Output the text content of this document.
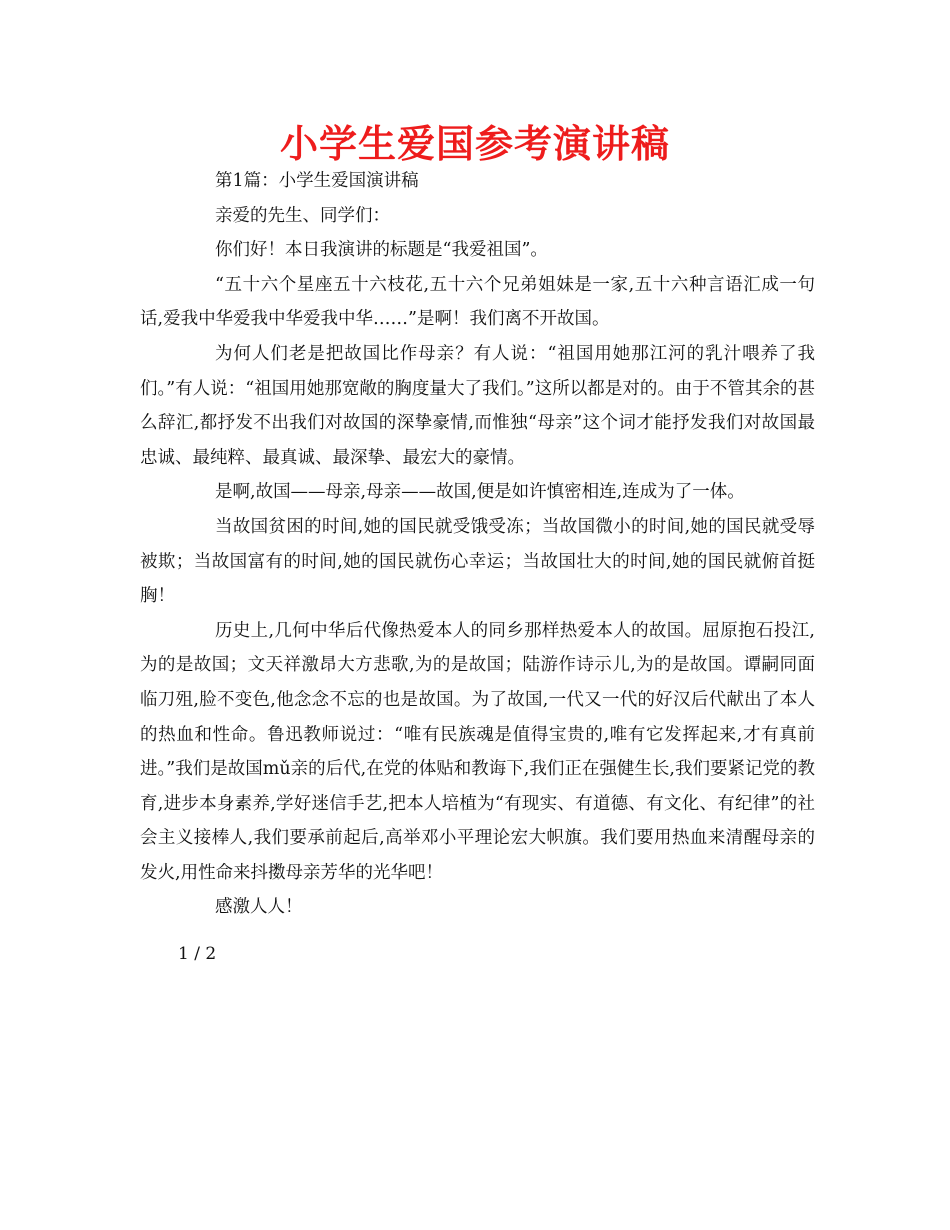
小学生爱国参考演讲稿

第1篇：小学生爱国演讲稿

亲爱的先生、同学们：

你们好！本日我演讲的标题是“我爱祖国”。

“五十六个星座五十六枝花,五十六个兄弟姐妹是一家,五十六种言语汇成一句话,爱我中华爱我中华爱我中华……”是啊！我们离不开故国。

为何人们老是把故国比作母亲？有人说：“祖国用她那江河的乳汁喂养了我们。”有人说：“祖国用她那宽敞的胸度量大了我们。”这所以都是对的。由于不管其余的甚么辞汇,都抒发不出我们对故国的深挚豪情,而惟独“母亲”这个词才能抒发我们对故国最忠诚、最纯粹、最真诚、最深挚、最宏大的豪情。

是啊,故国——母亲,母亲——故国,便是如许慎密相连,连成为了一体。

当故国贫困的时间,她的国民就受饿受冻；当故国微小的时间,她的国民就受辱被欺；当故国富有的时间,她的国民就伤心幸运；当故国壮大的时间,她的国民就俯首挺胸！

历史上,几何中华后代像热爱本人的同乡那样热爱本人的故国。屈原抱石投江,为的是故国；文天祥激昂大方悲歌,为的是故国；陆游作诗示儿,为的是故国。谭嗣同面临刀殂,脸不变色,他念念不忘的也是故国。为了故国,一代又一代的好汉后代献出了本人的热血和性命。鲁迅教师说过：“唯有民族魂是值得宝贵的,唯有它发挥起来,才有真前进。”我们是故国mǔ亲的后代,在党的体贴和教诲下,我们正在强健生长,我们要紧记党的教育,进步本身素养,学好迷信手艺,把本人培植为“有现实、有道德、有文化、有纪律”的社会主义接棒人,我们要承前起后,高举邓小平理论宏大帜旗。我们要用热血来清醒母亲的发火,用性命来抖擞母亲芳华的光华吧！

感激人人！

1 / 2
